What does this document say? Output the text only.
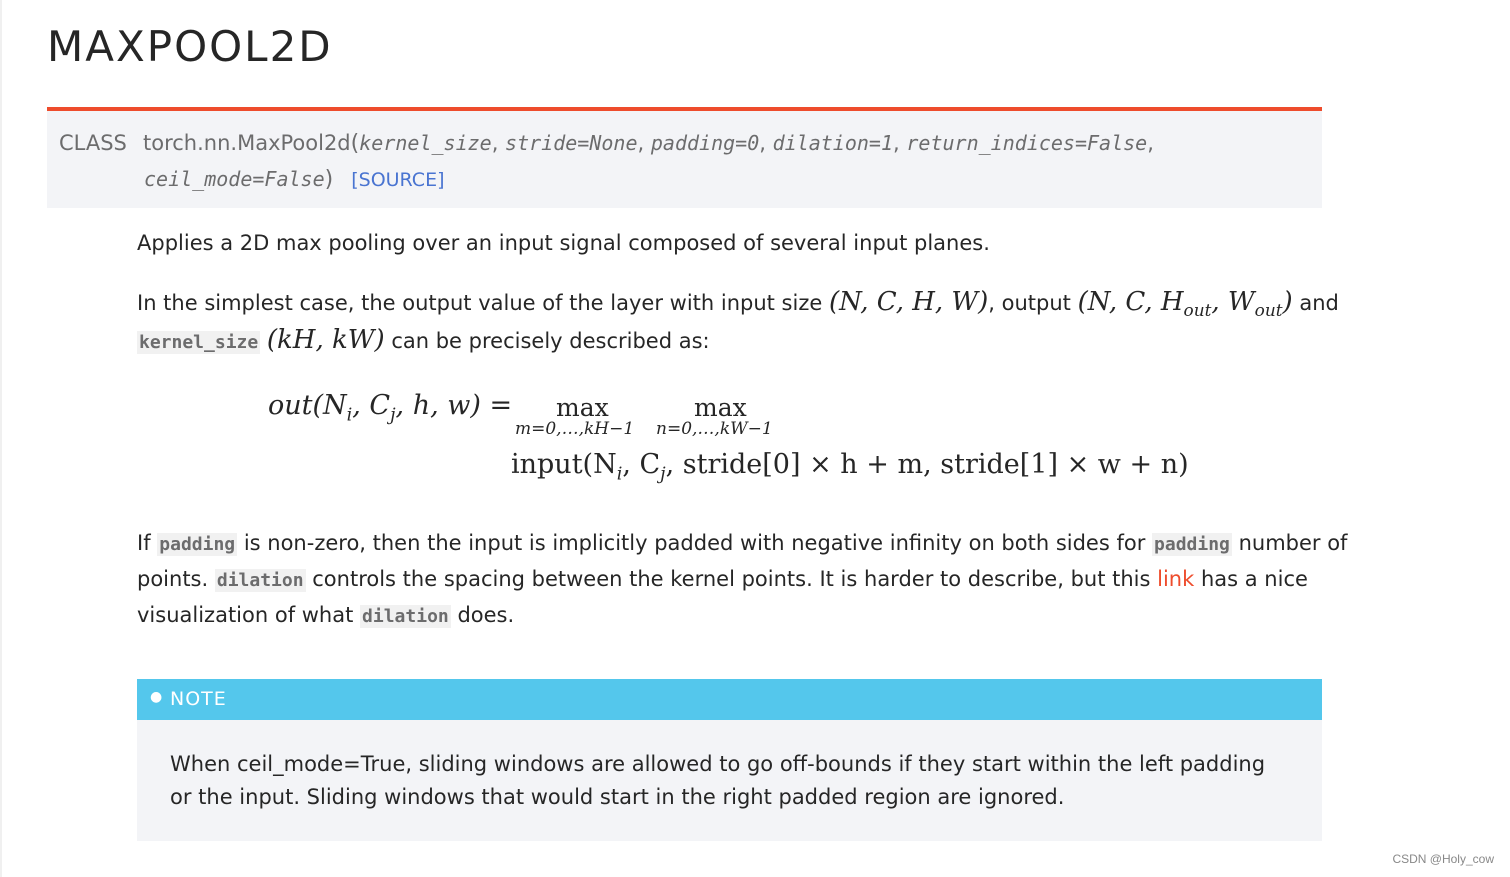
MAXPOOL2D
CLASS torch.nn.MaxPool2d(kernel_size, stride=None, padding=0, dilation=1, return_indices=False,
ceil_mode=False) [SOURCE]
Applies a 2D max pooling over an input signal composed of several input planes.
In the simplest case, the output value of the layer with input size (N, C, H, W), output (N, C, $H_{out}$, $W_{out}$) and
kernel_size (kH, kW) can be precisely described as:
$out(N_i$, $C_j$, h, w) = max
m=0,…,kH−1
max
n=0,…,kW−1
$input(N_i$, $C_j$, stride[0] × h + m, stride[1] × w + n)
If padding is non-zero, then the input is implicitly padded with negative infinity on both sides for padding number of
points. dilation controls the spacing between the kernel points. It is harder to describe, but this link has a nice
visualization of what dilation does.
● NOTE
When ceil_mode=True, sliding windows are allowed to go off-bounds if they start within the left padding or the input. Sliding windows that would start in the right padded region are ignored.
CSDN @Holy_cow
